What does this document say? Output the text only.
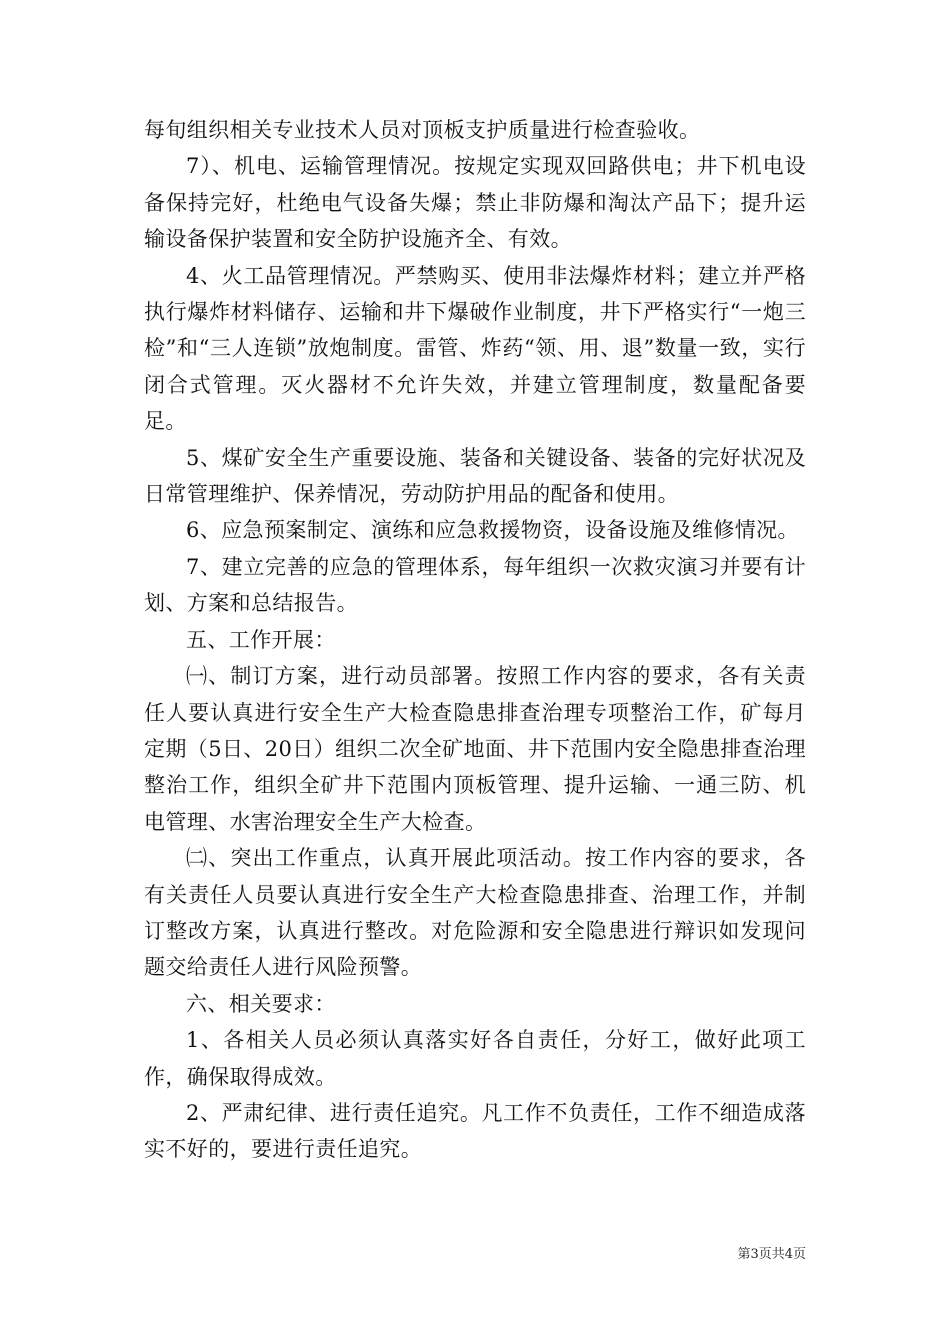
每旬组织相关专业技术人员对顶板支护质量进行检查验收。

7）、机电、运输管理情况。按规定实现双回路供电；井下机电设备保持完好，杜绝电气设备失爆；禁止非防爆和淘汰产品下；提升运输设备保护装置和安全防护设施齐全、有效。

4、火工品管理情况。严禁购买、使用非法爆炸材料；建立并严格执行爆炸材料储存、运输和井下爆破作业制度，井下严格实行“一炮三检”和“三人连锁”放炮制度。雷管、炸药“领、用、退”数量一致，实行闭合式管理。灭火器材不允许失效，并建立管理制度，数量配备要足。

5、煤矿安全生产重要设施、装备和关键设备、装备的完好状况及日常管理维护、保养情况，劳动防护用品的配备和使用。

6、应急预案制定、演练和应急救援物资，设备设施及维修情况。

7、建立完善的应急的管理体系，每年组织一次救灾演习并要有计划、方案和总结报告。

五、工作开展：

㈠、制订方案，进行动员部署。按照工作内容的要求，各有关责任人要认真进行安全生产大检查隐患排查治理专项整治工作，矿每月定期（5日、20日）组织二次全矿地面、井下范围内安全隐患排查治理整治工作，组织全矿井下范围内顶板管理、提升运输、一通三防、机电管理、水害治理安全生产大检查。

㈡、突出工作重点，认真开展此项活动。按工作内容的要求，各有关责任人员要认真进行安全生产大检查隐患排查、治理工作，并制订整改方案，认真进行整改。对危险源和安全隐患进行辩识如发现问题交给责任人进行风险预警。

六、相关要求：

1、各相关人员必须认真落实好各自责任，分好工，做好此项工作，确保取得成效。

2、严肃纪律、进行责任追究。凡工作不负责任，工作不细造成落实不好的，要进行责任追究。

第3页共4页
